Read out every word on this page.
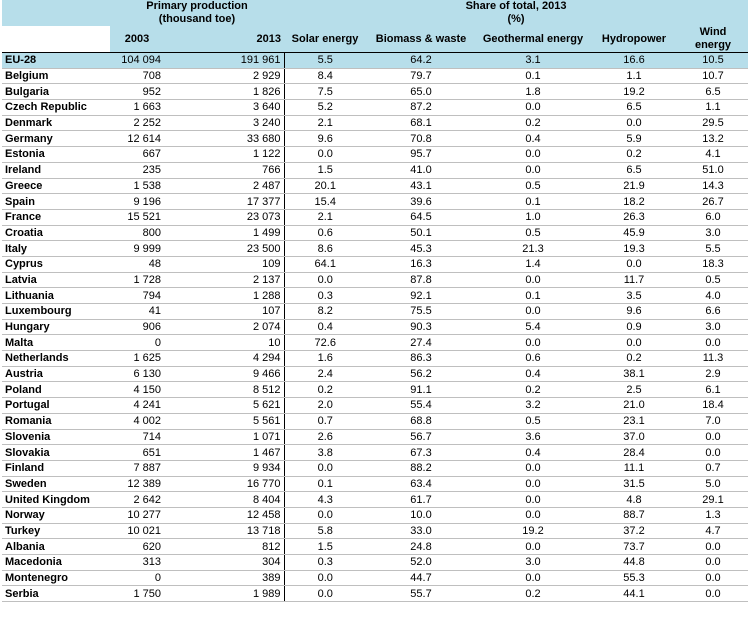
	Primary production		Share of total, 2013				
	(thousand toe)		(%)				
	2003	2013	Solar energy	Biomass & waste	Geothermal energy	Hydropower	Wind energy
EU-28	104 094	191 961	5.5	64.2	3.1	16.6	10.5
Belgium	708	2 929	8.4	79.7	0.1	1.1	10.7
Bulgaria	952	1 826	7.5	65.0	1.8	19.2	6.5
Czech Republic	1 663	3 640	5.2	87.2	0.0	6.5	1.1
Denmark	2 252	3 240	2.1	68.1	0.2	0.0	29.5
Germany	12 614	33 680	9.6	70.8	0.4	5.9	13.2
Estonia	667	1 122	0.0	95.7	0.0	0.2	4.1
Ireland	235	766	1.5	41.0	0.0	6.5	51.0
Greece	1 538	2 487	20.1	43.1	0.5	21.9	14.3
Spain	9 196	17 377	15.4	39.6	0.1	18.2	26.7
France	15 521	23 073	2.1	64.5	1.0	26.3	6.0
Croatia	800	1 499	0.6	50.1	0.5	45.9	3.0
Italy	9 999	23 500	8.6	45.3	21.3	19.3	5.5
Cyprus	48	109	64.1	16.3	1.4	0.0	18.3
Latvia	1 728	2 137	0.0	87.8	0.0	11.7	0.5
Lithuania	794	1 288	0.3	92.1	0.1	3.5	4.0
Luxembourg	41	107	8.2	75.5	0.0	9.6	6.6
Hungary	906	2 074	0.4	90.3	5.4	0.9	3.0
Malta	0	10	72.6	27.4	0.0	0.0	0.0
Netherlands	1 625	4 294	1.6	86.3	0.6	0.2	11.3
Austria	6 130	9 466	2.4	56.2	0.4	38.1	2.9
Poland	4 150	8 512	0.2	91.1	0.2	2.5	6.1
Portugal	4 241	5 621	2.0	55.4	3.2	21.0	18.4
Romania	4 002	5 561	0.7	68.8	0.5	23.1	7.0
Slovenia	714	1 071	2.6	56.7	3.6	37.0	0.0
Slovakia	651	1 467	3.8	67.3	0.4	28.4	0.0
Finland	7 887	9 934	0.0	88.2	0.0	11.1	0.7
Sweden	12 389	16 770	0.1	63.4	0.0	31.5	5.0
United Kingdom	2 642	8 404	4.3	61.7	0.0	4.8	29.1
Norway	10 277	12 458	0.0	10.0	0.0	88.7	1.3
Turkey	10 021	13 718	5.8	33.0	19.2	37.2	4.7
Albania	620	812	1.5	24.8	0.0	73.7	0.0
Macedonia	313	304	0.3	52.0	3.0	44.8	0.0
Montenegro	0	389	0.0	44.7	0.0	55.3	0.0
Serbia	1 750	1 989	0.0	55.7	0.2	44.1	0.0
